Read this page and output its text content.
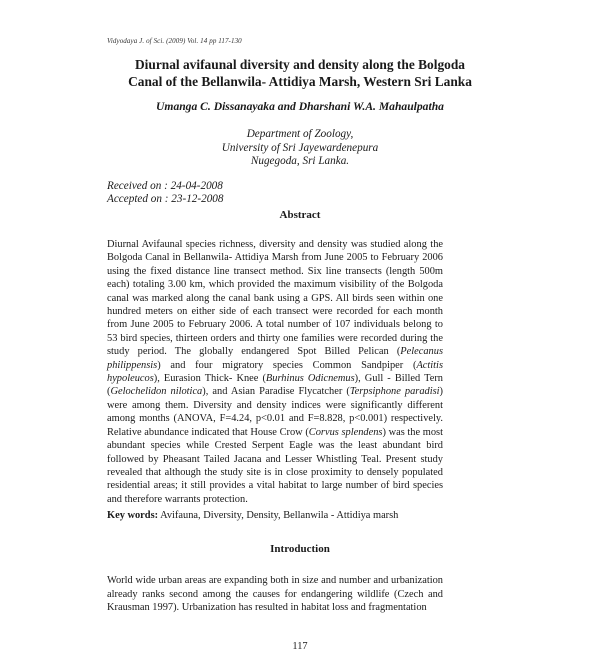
Vidyodaya J. of Sci. (2009) Vol. 14 pp 117-130
Diurnal avifaunal diversity and density along the Bolgoda
Canal of the Bellanwila- Attidiya Marsh, Western Sri Lanka
Umanga C. Dissanayaka and Dharshani W.A. Mahaulpatha
Department of Zoology,
University of Sri Jayewardenepura
Nugegoda, Sri Lanka.
Received on : 24-04-2008
Accepted on : 23-12-2008
Abstract
Diurnal Avifaunal species richness, diversity and density was studied along the Bolgoda Canal in Bellanwila- Attidiya Marsh from June 2005 to February 2006 using the fixed distance line transect method. Six line transects (length 500m each) totaling 3.00 km, which provided the maximum visibility of the Bolgoda canal was marked along the canal bank using a GPS. All birds seen within one hundred meters on either side of each transect were recorded for each month from June 2005 to February 2006. A total number of 107 individuals belong to 53 bird species, thirteen orders and thirty one families were recorded during the study period. The globally endangered Spot Billed Pelican (Pelecanus philippensis) and four migratory species Common Sandpiper (Actitis hypoleucos), Eurasion Thick- Knee (Burhinus Odicnemus), Gull - Billed Tern (Gelochelidon nilotica), and Asian Paradise Flycatcher (Terpsiphone paradisi) were among them. Diversity and density indices were significantly different among months (ANOVA, F=4.24, p<0.01 and F=8.828, p<0.001) respectively. Relative abundance indicated that House Crow (Corvus splendens) was the most abundant species while Crested Serpent Eagle was the least abundant bird followed by Pheasant Tailed Jacana and Lesser Whistling Teal. Present study revealed that although the study site is in close proximity to densely populated residential areas; it still provides a vital habitat to large number of bird species and therefore warrants protection.
Key words: Avifauna, Diversity, Density, Bellanwila - Attidiya marsh
Introduction
World wide urban areas are expanding both in size and number and urbanization already ranks second among the causes for endangering wildlife (Czech and Krausman 1997). Urbanization has resulted in habitat loss and fragmentation
117
